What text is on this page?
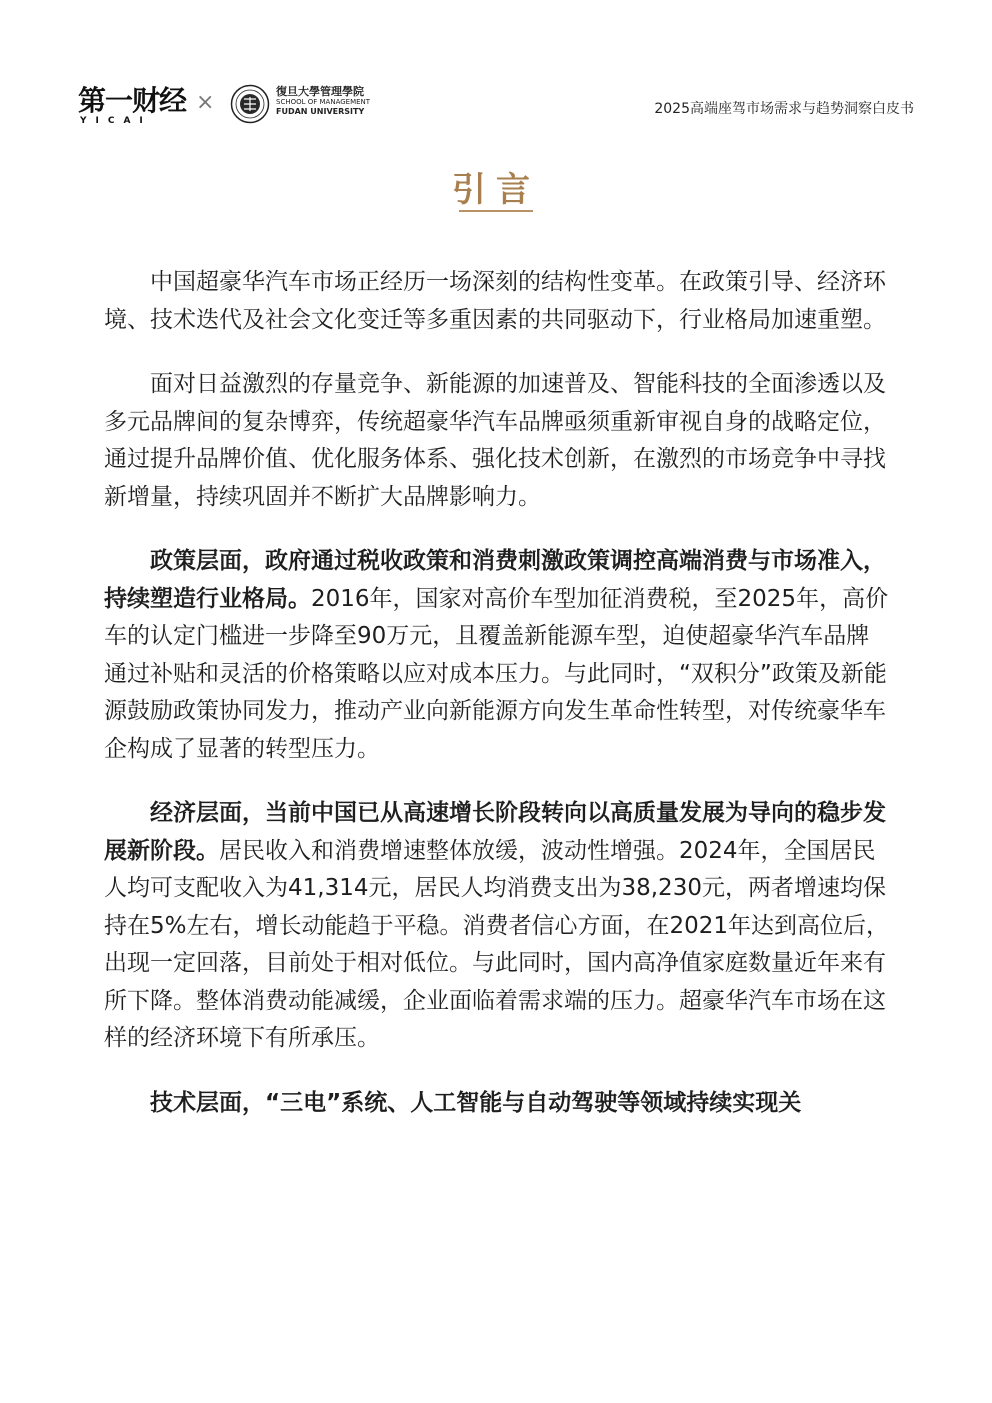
第一财经
YICAI
×	復旦大學管理學院
SCHOOL OF MANAGEMENT
FUDAN UNIVERSITY	2025高端座驾市场需求与趋势洞察白皮书
引言

中国超豪华汽车市场正经历一场深刻的结构性变革。在政策引导、经济环境、技术迭代及社会文化变迁等多重因素的共同驱动下，行业格局加速重塑。

面对日益激烈的存量竞争、新能源的加速普及、智能科技的全面渗透以及多元品牌间的复杂博弈，传统超豪华汽车品牌亟须重新审视自身的战略定位，通过提升品牌价值、优化服务体系、强化技术创新，在激烈的市场竞争中寻找新增量，持续巩固并不断扩大品牌影响力。

政策层面，政府通过税收政策和消费刺激政策调控高端消费与市场准入，持续塑造行业格局。2016年，国家对高价车型加征消费税，至2025年，高价车的认定门槛进一步降至90万元，且覆盖新能源车型，迫使超豪华汽车品牌通过补贴和灵活的价格策略以应对成本压力。与此同时，“双积分”政策及新能源鼓励政策协同发力，推动产业向新能源方向发生革命性转型，对传统豪华车企构成了显著的转型压力。

经济层面，当前中国已从高速增长阶段转向以高质量发展为导向的稳步发展新阶段。居民收入和消费增速整体放缓，波动性增强。2024年，全国居民人均可支配收入为41,314元，居民人均消费支出为38,230元，两者增速均保持在5%左右，增长动能趋于平稳。消费者信心方面，在2021年达到高位后，出现一定回落，目前处于相对低位。与此同时，国内高净值家庭数量近年来有所下降。整体消费动能减缓，企业面临着需求端的压力。超豪华汽车市场在这样的经济环境下有所承压。

技术层面，“三电”系统、人工智能与自动驾驶等领域持续实现关
